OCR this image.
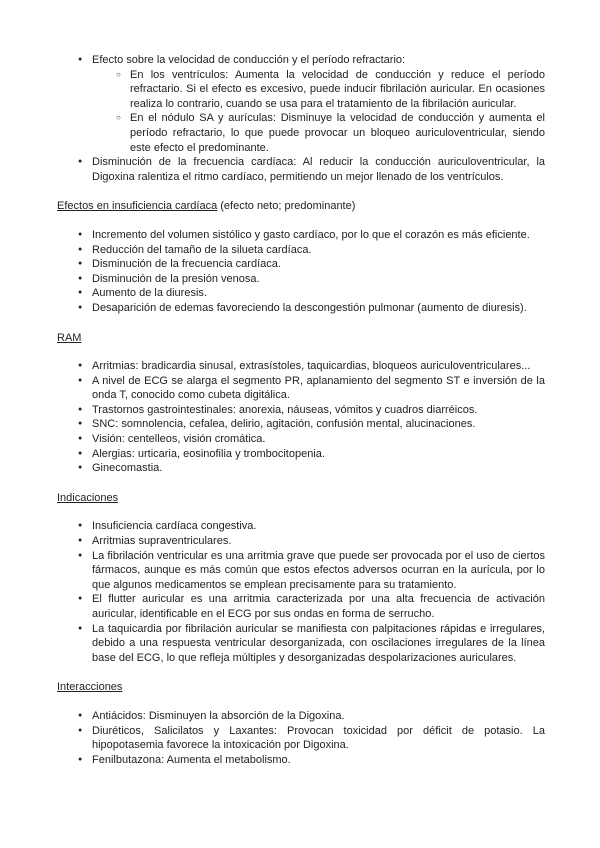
● Efecto sobre la velocidad de conducción y el período refractario:
○ En los ventrículos: Aumenta la velocidad de conducción y reduce el período refractario. Si el efecto es excesivo, puede inducir fibrilación auricular. En ocasiones realiza lo contrario, cuando se usa para el tratamiento de la fibrilación auricular.
○ En el nódulo SA y aurículas: Disminuye la velocidad de conducción y aumenta el período refractario, lo que puede provocar un bloqueo auriculoventricular, siendo este efecto el predominante.
● Disminución de la frecuencia cardíaca: Al reducir la conducción auriculoventricular, la Digoxina ralentiza el ritmo cardíaco, permitiendo un mejor llenado de los ventrículos.
Efectos en insuficiencia cardíaca (efecto neto; predominante)
● Incremento del volumen sistólico y gasto cardíaco, por lo que el corazón es más eficiente.
● Reducción del tamaño de la silueta cardíaca.
● Disminución de la frecuencia cardíaca.
● Disminución de la presión venosa.
● Aumento de la diuresis.
● Desaparición de edemas favoreciendo la descongestión pulmonar (aumento de diuresis).
RAM
● Arritmias: bradicardia sinusal, extrasístoles, taquicardias, bloqueos auriculoventriculares...
● A nivel de ECG se alarga el segmento PR, aplanamiento del segmento ST e inversión de la onda T, conocido como cubeta digitálica.
● Trastornos gastrointestinales: anorexia, náuseas, vómitos y cuadros diarréicos.
● SNC: somnolencia, cefalea, delirio, agitación, confusión mental, alucinaciones.
● Visión: centelleos, visión cromática.
● Alergias: urticaria, eosinofilia y trombocitopenia.
● Ginecomastia.
Indicaciones
● Insuficiencia cardíaca congestiva.
● Arritmias supraventriculares.
● La fibrilación ventricular es una arritmia grave que puede ser provocada por el uso de ciertos fármacos, aunque es más común que estos efectos adversos ocurran en la aurícula, por lo que algunos medicamentos se emplean precisamente para su tratamiento.
● El flutter auricular es una arritmia caracterizada por una alta frecuencia de activación auricular, identificable en el ECG por sus ondas en forma de serrucho.
● La taquicardia por fibrilación auricular se manifiesta con palpitaciones rápidas e irregulares, debido a una respuesta ventricular desorganizada, con oscilaciones irregulares de la línea base del ECG, lo que refleja múltiples y desorganizadas despolarizaciones auriculares.
Interacciones
● Antiácidos: Disminuyen la absorción de la Digoxina.
● Diuréticos, Salicilatos y Laxantes: Provocan toxicidad por déficit de potasio. La hipopotasemia favorece la intoxicación por Digoxina.
● Fenilbutazona: Aumenta el metabolismo.
